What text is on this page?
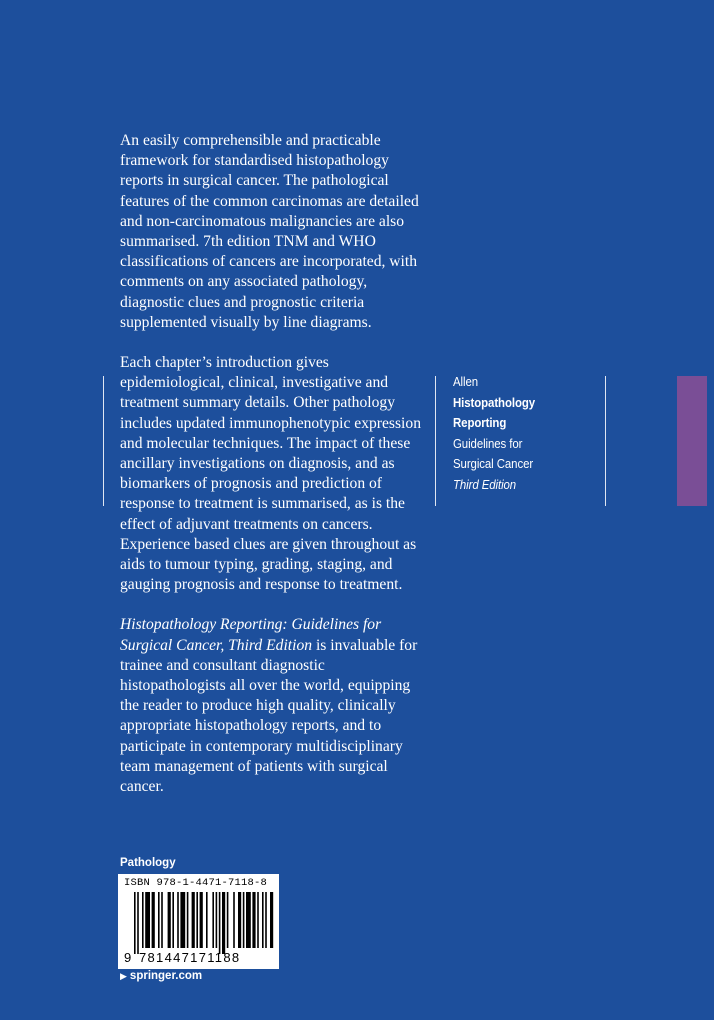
An easily comprehensible and practicable framework for standardised histopathology reports in surgical cancer. The pathological features of the common carcinomas are detailed and non-carcinomatous malignancies are also summarised. 7th edition TNM and WHO classifications of cancers are incorporated, with comments on any associated pathology, diagnostic clues and prognostic criteria supplemented visually by line diagrams.

Each chapter’s introduction gives epidemiological, clinical, investigative and treatment summary details. Other pathology includes updated immunophenotypic expression and molecular techniques. The impact of these ancillary investigations on diagnosis, and as biomarkers of prognosis and prediction of response to treatment is summarised, as is the effect of adjuvant treatments on cancers. Experience based clues are given throughout as aids to tumour typing, grading, staging, and gauging prognosis and response to treatment.

Histopathology Reporting: Guidelines for Surgical Cancer, Third Edition is invaluable for trainee and consultant diagnostic histopathologists all over the world, equipping the reader to produce high quality, clinically appropriate histopathology reports, and to participate in contemporary multidisciplinary team management of patients with surgical cancer.

Allen
Histopathology
Reporting
Guidelines for
Surgical Cancer
Third Edition
Pathology
ISBN 978-1-4471-7118-8
9 781447171188
▶ springer.com
